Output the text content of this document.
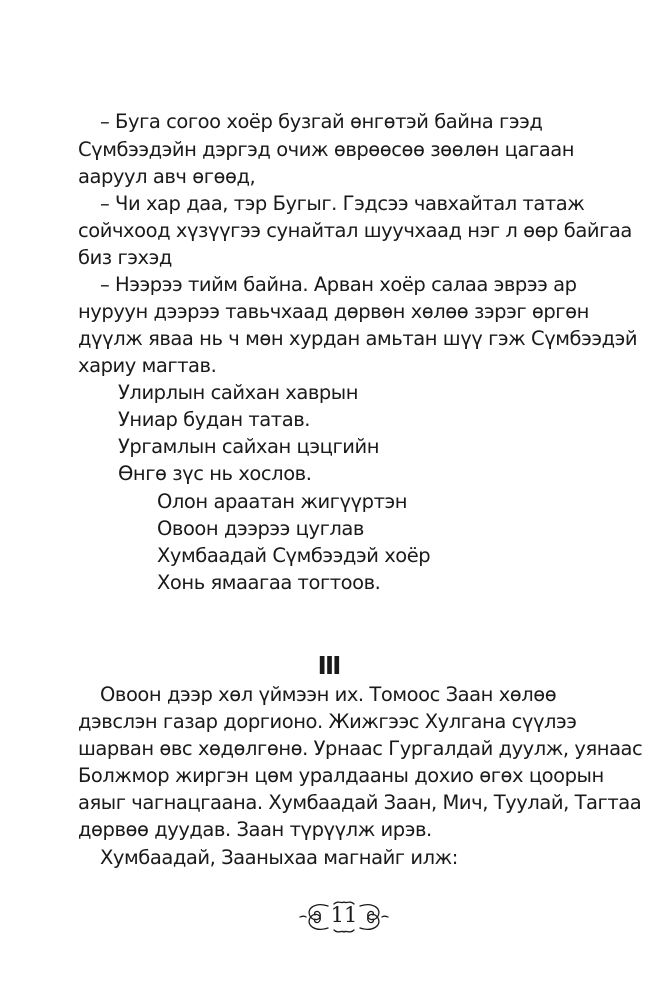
– Буга согоо хоёр бузгай өнгөтэй байна гээд
Сүмбээдэйн дэргэд очиж өврөөсөө зөөлөн цагаан
ааруул авч өгөөд,
– Чи хар даа, тэр Бугыг. Гэдсээ чавхайтал татаж
сойчхоод хүзүүгээ сунайтал шуучхаад нэг л өөр байгаа
биз гэхэд
– Нээрээ тийм байна. Арван хоёр салаа эврээ ар
нуруун дээрээ тавьчхаад дөрвөн хөлөө зэрэг өргөн
дүүлж яваа нь ч мөн хурдан амьтан шүү гэж Сүмбээдэй
хариу магтав.
Улирлын сайхан хаврын
Униар будан татав.
Ургамлын сайхан цэцгийн
Өнгө зүс нь хослов.
Олон араатан жигүүртэн
Овоон дээрээ цуглав
Хумбаадай Сүмбээдэй хоёр
Хонь ямаагаа тогтоов.
III
Овоон дээр хөл үймээн их. Томоос Заан хөлөө
дэвслэн газар доргионо. Жижгээс Хулгана сүүлээ
шарван өвс хөдөлгөнө. Урнаас Гургалдай дуулж, уянаас
Болжмор жиргэн цөм уралдааны дохио өгөх цоорын
аяыг чагнацгаана. Хумбаадай Заан, Мич, Туулай, Тагтаа
дөрвөө дуудав. Заан түрүүлж ирэв.
Хумбаадай, Зааныхаа магнайг илж:
11
